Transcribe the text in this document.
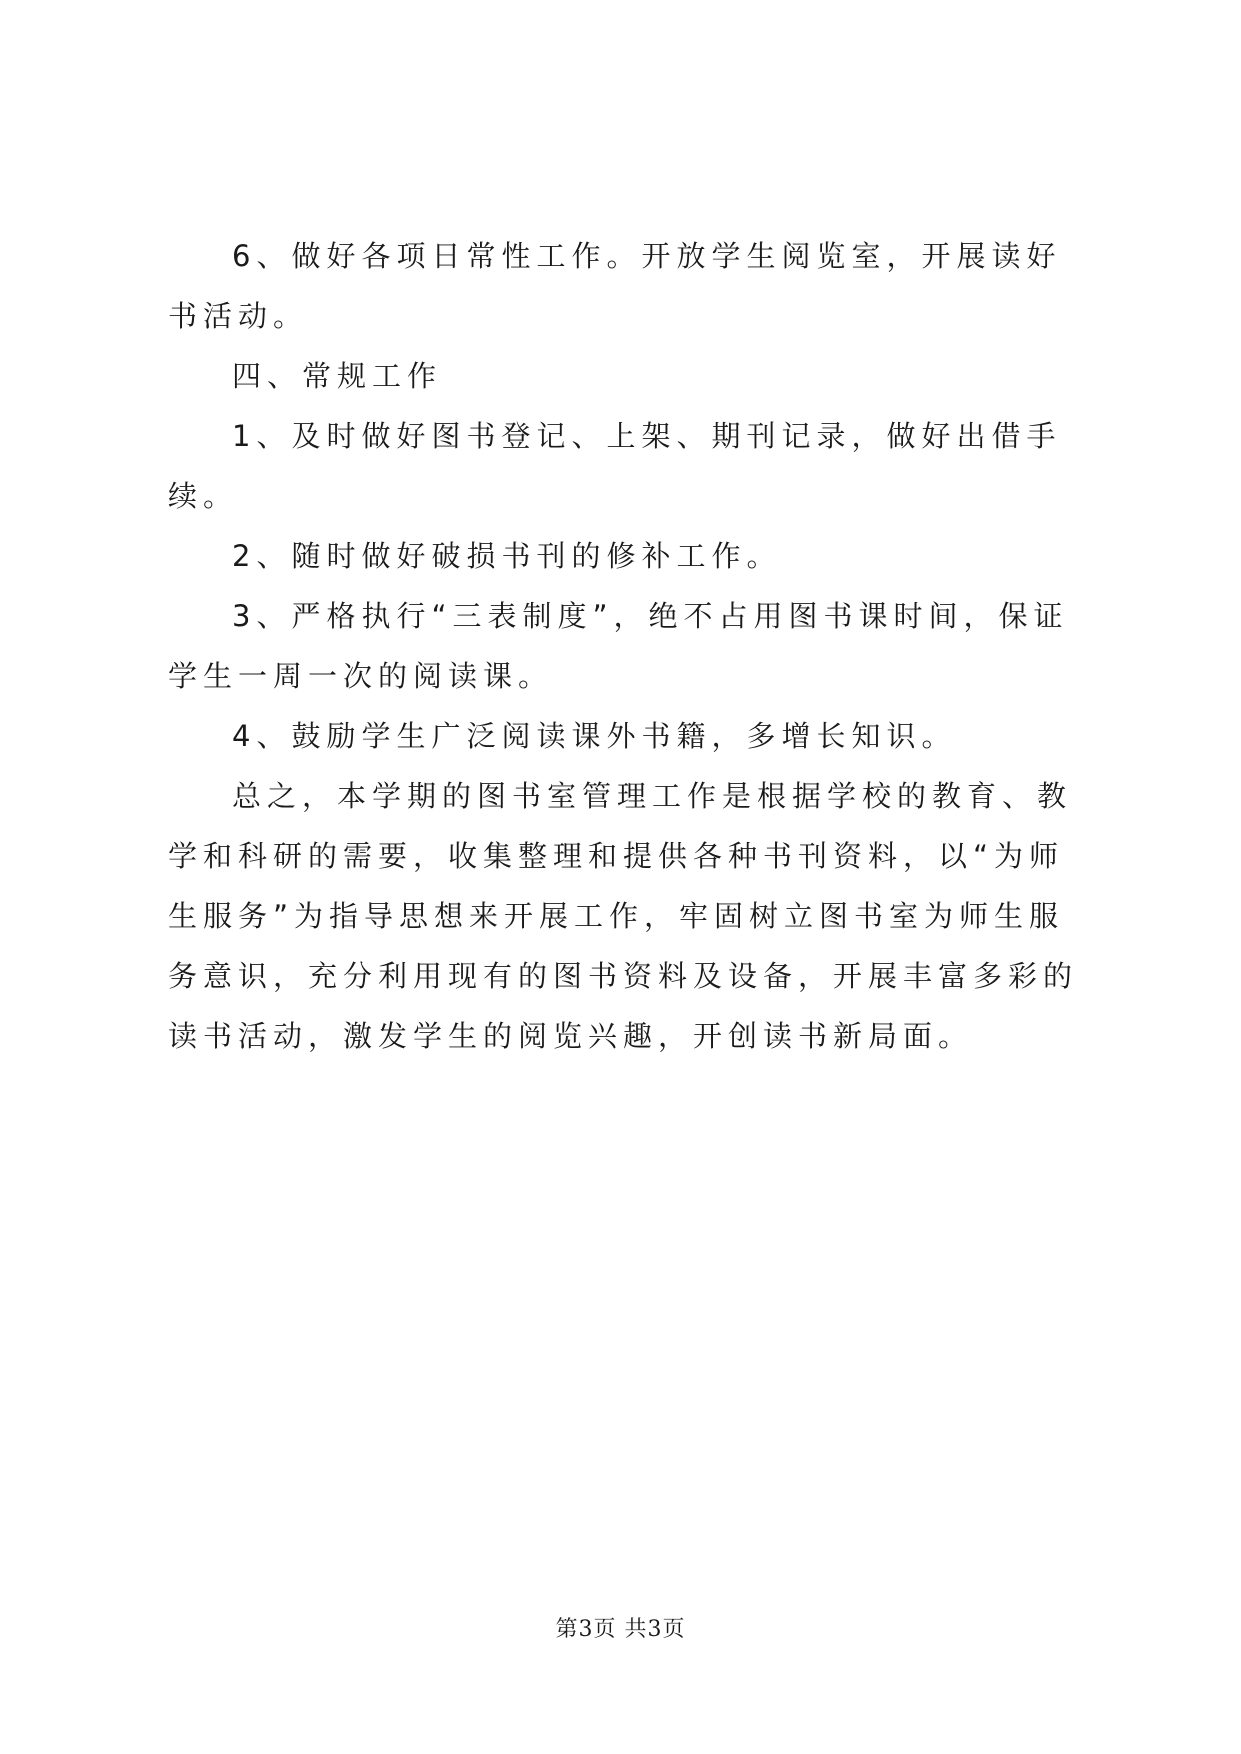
6、做好各项日常性工作。开放学生阅览室，开展读好书活动。

四、常规工作

1、及时做好图书登记、上架、期刊记录，做好出借手续。

2、随时做好破损书刊的修补工作。

3、严格执行“三表制度”，绝不占用图书课时间，保证学生一周一次的阅读课。

4、鼓励学生广泛阅读课外书籍，多增长知识。

总之，本学期的图书室管理工作是根据学校的教育、教学和科研的需要，收集整理和提供各种书刊资料，以“为师生服务”为指导思想来开展工作，牢固树立图书室为师生服务意识，充分利用现有的图书资料及设备，开展丰富多彩的读书活动，激发学生的阅览兴趣，开创读书新局面。

第3页 共3页
